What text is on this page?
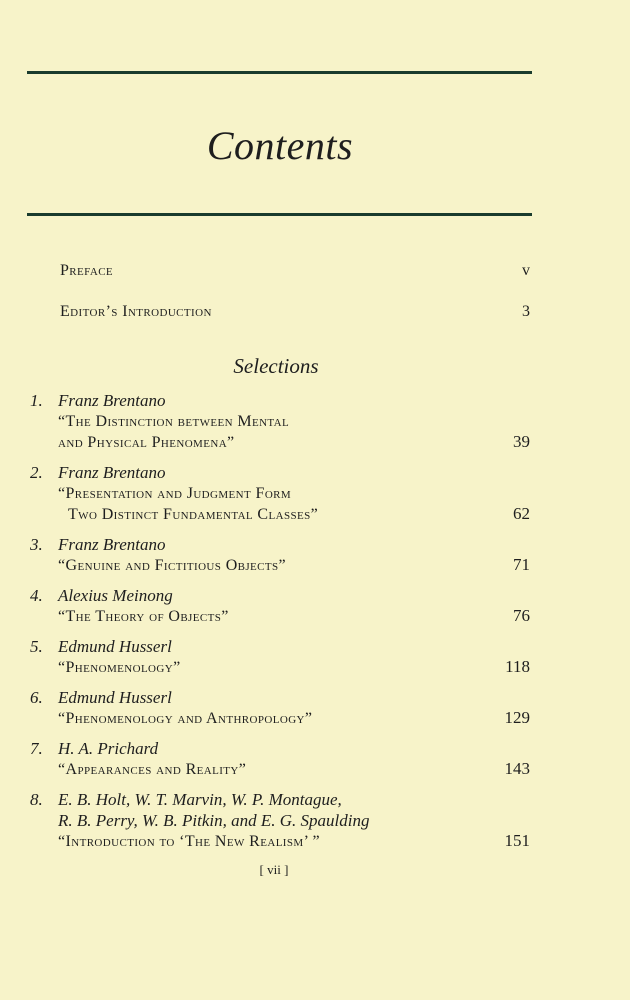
Contents
Preface	v
Editor’s Introduction	3
Selections
1. Franz Brentano
“The Distinction between Mental
and Physical Phenomena”	39
2. Franz Brentano
“Presentation and Judgment Form
Two Distinct Fundamental Classes”	62
3. Franz Brentano
“Genuine and Fictitious Objects”	71
4. Alexius Meinong
“The Theory of Objects”	76
5. Edmund Husserl
“Phenomenology”	118
6. Edmund Husserl
“Phenomenology and Anthropology”	129
7. H. A. Prichard
“Appearances and Reality”	143
8. E. B. Holt, W. T. Marvin, W. P. Montague,
R. B. Perry, W. B. Pitkin, and E. G. Spaulding
“Introduction to ‘The New Realism’ ”	151
[ vii ]
